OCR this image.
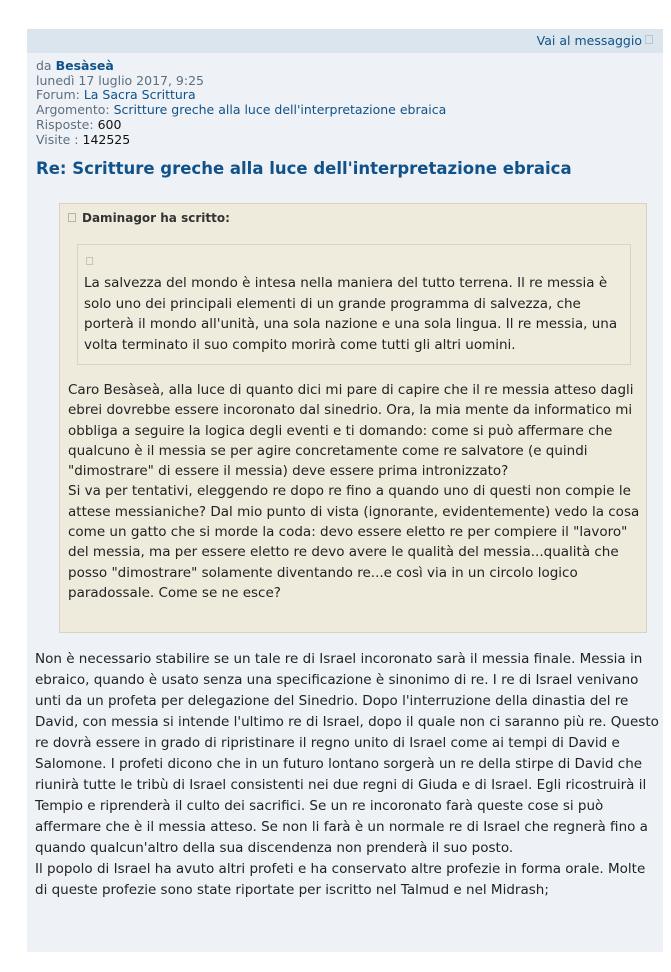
Vai al messaggio
da Besàseà
lunedì 17 luglio 2017, 9:25
Forum: La Sacra Scrittura
Argomento: Scritture greche alla luce dell'interpretazione ebraica
Risposte: 600
Visite : 142525
Re: Scritture greche alla luce dell'interpretazione ebraica
Daminagor ha scritto:
La salvezza del mondo è intesa nella maniera del tutto terrena. Il re messia è solo uno dei principali elementi di un grande programma di salvezza, che porterà il mondo all'unità, una sola nazione e una sola lingua. Il re messia, una volta terminato il suo compito morirà come tutti gli altri uomini.
Caro Besàseà, alla luce di quanto dici mi pare di capire che il re messia atteso dagli ebrei dovrebbe essere incoronato dal sinedrio. Ora, la mia mente da informatico mi obbliga a seguire la logica degli eventi e ti domando: come si può affermare che qualcuno è il messia se per agire concretamente come re salvatore (e quindi "dimostrare" di essere il messia) deve essere prima intronizzato?
Si va per tentativi, eleggendo re dopo re fino a quando uno di questi non compie le attese messianiche? Dal mio punto di vista (ignorante, evidentemente) vedo la cosa come un gatto che si morde la coda: devo essere eletto re per compiere il "lavoro" del messia, ma per essere eletto re devo avere le qualità del messia...qualità che posso "dimostrare" solamente diventando re...e così via in un circolo logico paradossale. Come se ne esce?
Non è necessario stabilire se un tale re di Israel incoronato sarà il messia finale. Messia in ebraico, quando è usato senza una specificazione è sinonimo di re. I re di Israel venivano unti da un profeta per delegazione del Sinedrio. Dopo l'interruzione della dinastia del re David, con messia si intende l'ultimo re di Israel, dopo il quale non ci saranno più re. Questo re dovrà essere in grado di ripristinare il regno unito di Israel come ai tempi di David e Salomone. I profeti dicono che in un futuro lontano sorgerà un re della stirpe di David che riunirà tutte le tribù di Israel consistenti nei due regni di Giuda e di Israel. Egli ricostruirà il Tempio e riprenderà il culto dei sacrifici. Se un re incoronato farà queste cose si può affermare che è il messia atteso. Se non li farà è un normale re di Israel che regnerà fino a quando qualcun'altro della sua discendenza non prenderà il suo posto.
Il popolo di Israel ha avuto altri profeti e ha conservato altre profezie in forma orale. Molte di queste profezie sono state riportate per iscritto nel Talmud e nel Midrash;
